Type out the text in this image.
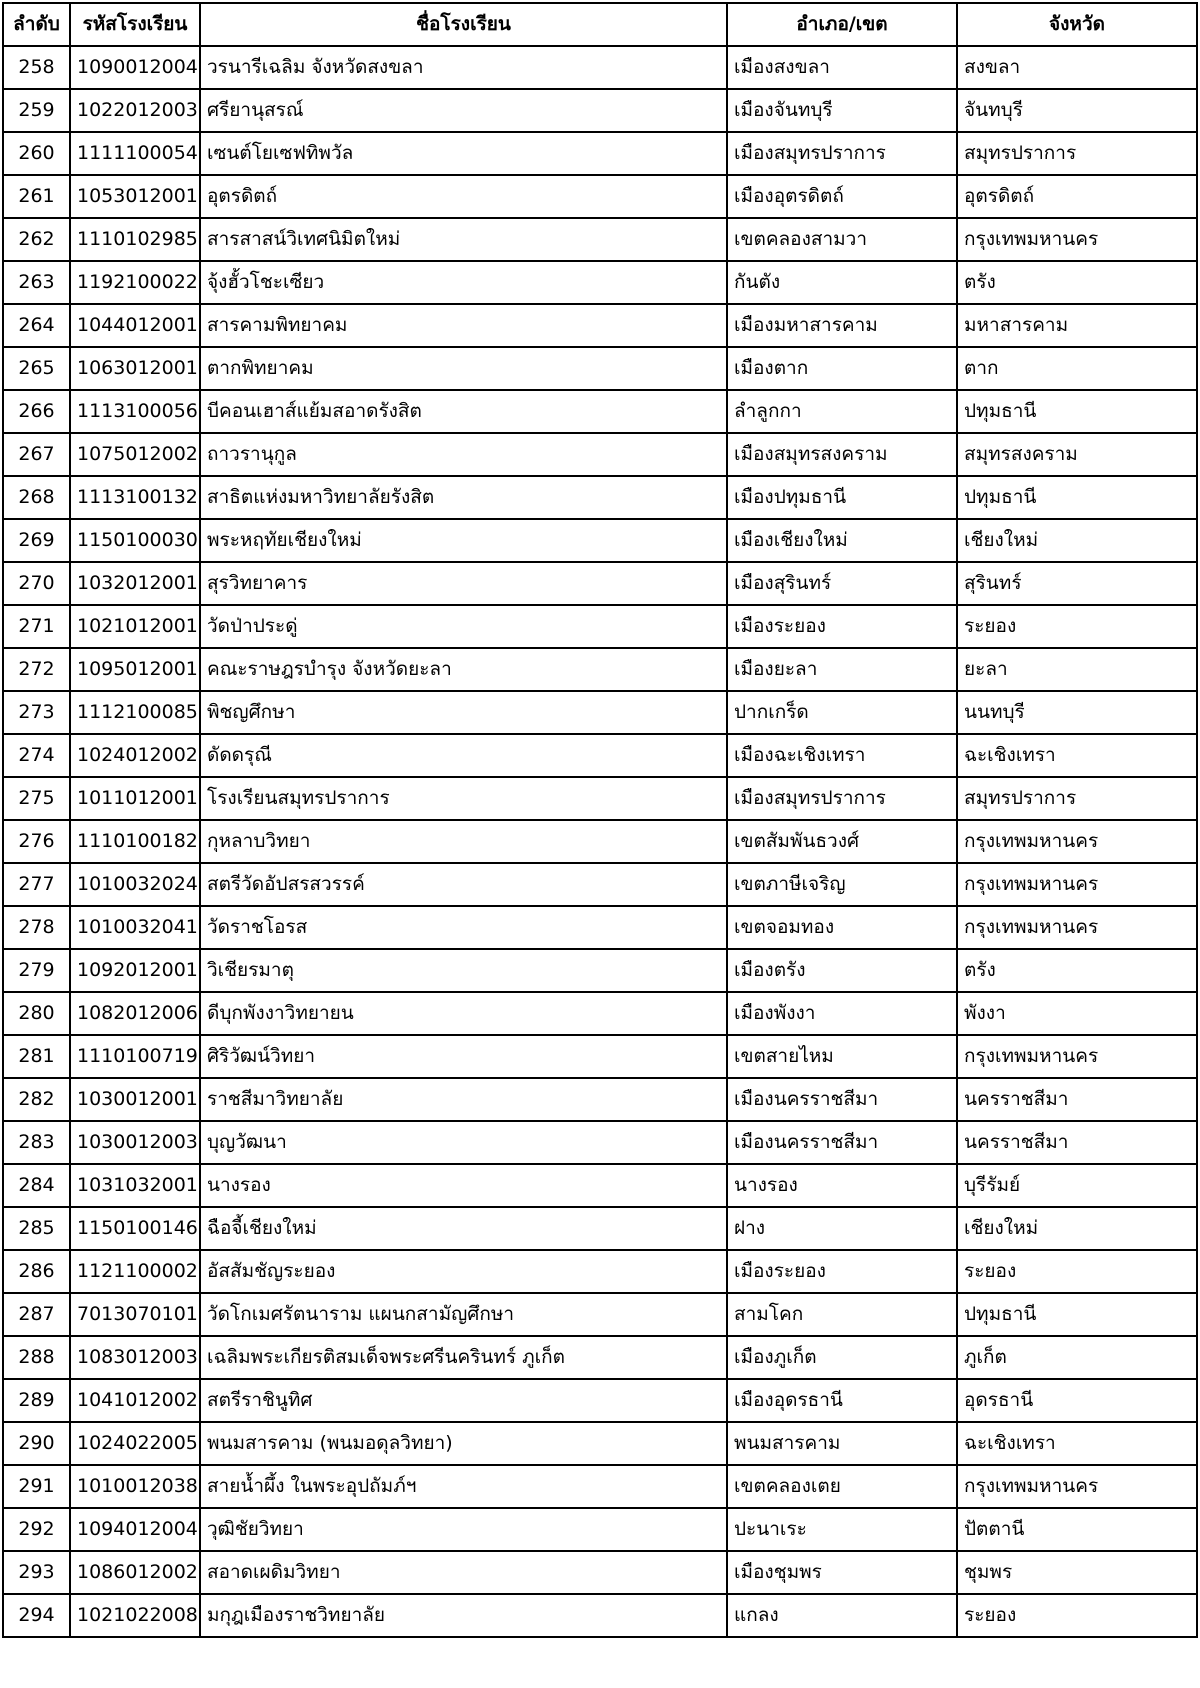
ลำดับ	รหัสโรงเรียน	ชื่อโรงเรียน	อำเภอ/เขต	จังหวัด
258	1090012004	วรนารีเฉลิม จังหวัดสงขลา	เมืองสงขลา	สงขลา
259	1022012003	ศรียานุสรณ์	เมืองจันทบุรี	จันทบุรี
260	1111100054	เซนต์โยเซฟทิพวัล	เมืองสมุทรปราการ	สมุทรปราการ
261	1053012001	อุตรดิตถ์	เมืองอุตรดิตถ์	อุตรดิตถ์
262	1110102985	สารสาสน์วิเทศนิมิตใหม่	เขตคลองสามวา	กรุงเทพมหานคร
263	1192100022	จุ้งฮั้วโชะเซียว	กันตัง	ตรัง
264	1044012001	สารคามพิทยาคม	เมืองมหาสารคาม	มหาสารคาม
265	1063012001	ตากพิทยาคม	เมืองตาก	ตาก
266	1113100056	บีคอนเฮาส์แย้มสอาดรังสิต	ลำลูกกา	ปทุมธานี
267	1075012002	ถาวรานุกูล	เมืองสมุทรสงคราม	สมุทรสงคราม
268	1113100132	สาธิตแห่งมหาวิทยาลัยรังสิต	เมืองปทุมธานี	ปทุมธานี
269	1150100030	พระหฤทัยเชียงใหม่	เมืองเชียงใหม่	เชียงใหม่
270	1032012001	สุรวิทยาคาร	เมืองสุรินทร์	สุรินทร์
271	1021012001	วัดป่าประดู่	เมืองระยอง	ระยอง
272	1095012001	คณะราษฎรบำรุง จังหวัดยะลา	เมืองยะลา	ยะลา
273	1112100085	พิชญศึกษา	ปากเกร็ด	นนทบุรี
274	1024012002	ดัดดรุณี	เมืองฉะเชิงเทรา	ฉะเชิงเทรา
275	1011012001	โรงเรียนสมุทรปราการ	เมืองสมุทรปราการ	สมุทรปราการ
276	1110100182	กุหลาบวิทยา	เขตสัมพันธวงศ์	กรุงเทพมหานคร
277	1010032024	สตรีวัดอัปสรสวรรค์	เขตภาษีเจริญ	กรุงเทพมหานคร
278	1010032041	วัดราชโอรส	เขตจอมทอง	กรุงเทพมหานคร
279	1092012001	วิเชียรมาตุ	เมืองตรัง	ตรัง
280	1082012006	ดีบุกพังงาวิทยายน	เมืองพังงา	พังงา
281	1110100719	ศิริวัฒน์วิทยา	เขตสายไหม	กรุงเทพมหานคร
282	1030012001	ราชสีมาวิทยาลัย	เมืองนครราชสีมา	นครราชสีมา
283	1030012003	บุญวัฒนา	เมืองนครราชสีมา	นครราชสีมา
284	1031032001	นางรอง	นางรอง	บุรีรัมย์
285	1150100146	ฉือจี้เชียงใหม่	ฝาง	เชียงใหม่
286	1121100002	อัสสัมชัญระยอง	เมืองระยอง	ระยอง
287	7013070101	วัดโกเมศรัตนาราม แผนกสามัญศึกษา	สามโคก	ปทุมธานี
288	1083012003	เฉลิมพระเกียรติสมเด็จพระศรีนครินทร์ ภูเก็ต	เมืองภูเก็ต	ภูเก็ต
289	1041012002	สตรีราชินูทิศ	เมืองอุดรธานี	อุดรธานี
290	1024022005	พนมสารคาม (พนมอดุลวิทยา)	พนมสารคาม	ฉะเชิงเทรา
291	1010012038	สายน้ำผึ้ง ในพระอุปถัมภ์ฯ	เขตคลองเตย	กรุงเทพมหานคร
292	1094012004	วุฒิชัยวิทยา	ปะนาเระ	ปัตตานี
293	1086012002	สอาดเผดิมวิทยา	เมืองชุมพร	ชุมพร
294	1021022008	มกุฎเมืองราชวิทยาลัย	แกลง	ระยอง
